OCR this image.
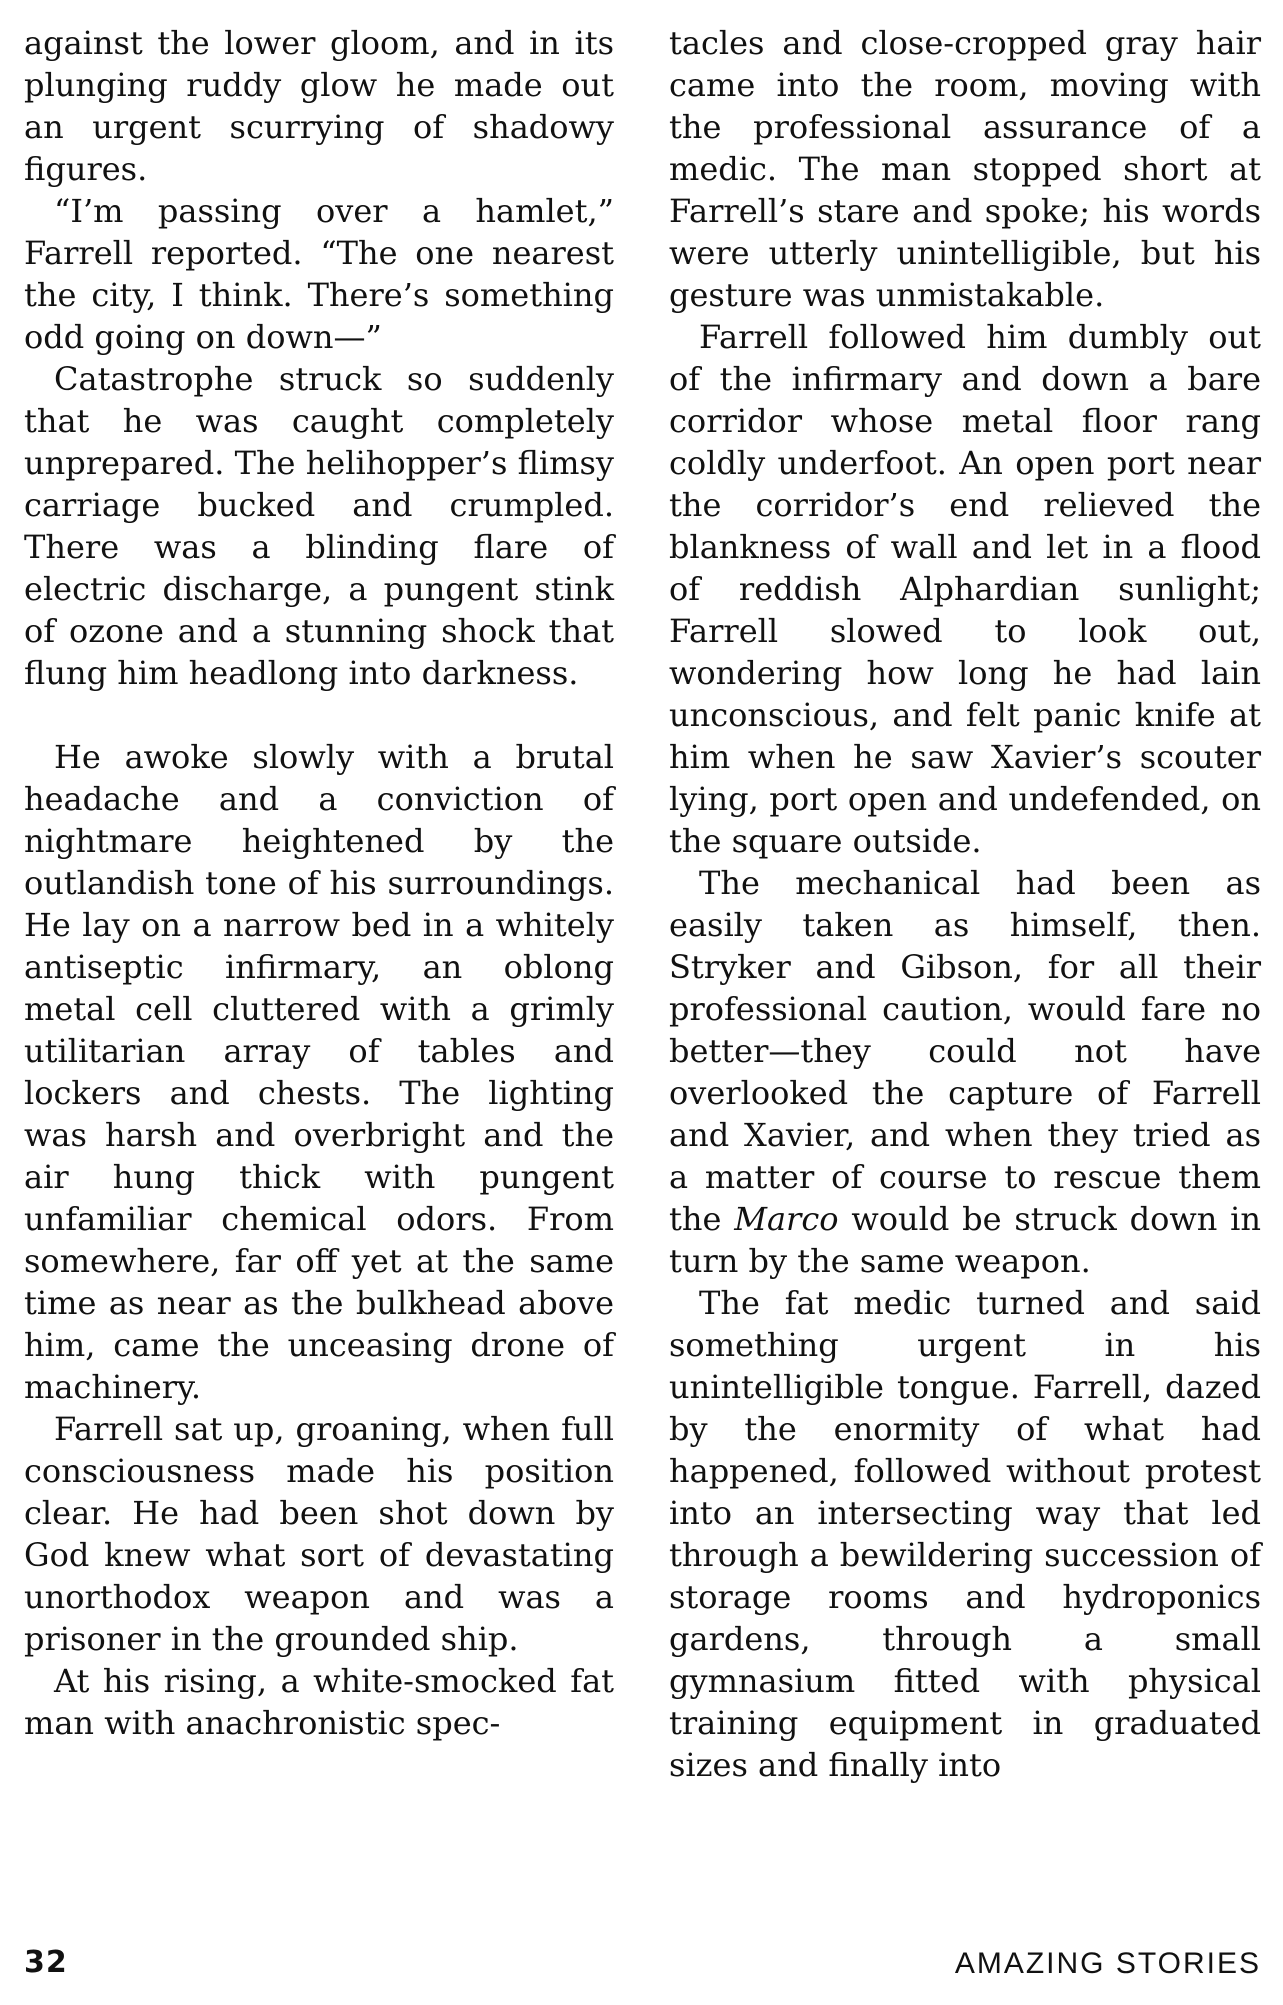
against the lower gloom, and in its plunging ruddy glow he made out an urgent scurrying of shadowy figures.

“I’m passing over a hamlet,” Farrell reported. “The one nearest the city, I think. There’s something odd going on down—”

Catastrophe struck so suddenly that he was caught completely unprepared. The helihopper’s flimsy carriage bucked and crumpled. There was a blinding flare of electric discharge, a pungent stink of ozone and a stunning shock that flung him headlong into darkness.

He awoke slowly with a brutal headache and a conviction of nightmare heightened by the outlandish tone of his surroundings. He lay on a narrow bed in a whitely antiseptic infirmary, an oblong metal cell cluttered with a grimly utilitarian array of tables and lockers and chests. The lighting was harsh and overbright and the air hung thick with pungent unfamiliar chemical odors. From somewhere, far off yet at the same time as near as the bulkhead above him, came the unceasing drone of machinery.

Farrell sat up, groaning, when full consciousness made his position clear. He had been shot down by God knew what sort of devastating unorthodox weapon and was a prisoner in the grounded ship.

At his rising, a white-smocked fat man with anachronistic spec-

tacles and close-cropped gray hair came into the room, moving with the professional assurance of a medic. The man stopped short at Farrell’s stare and spoke; his words were utterly unintelligible, but his gesture was unmistakable.

Farrell followed him dumbly out of the infirmary and down a bare corridor whose metal floor rang coldly underfoot. An open port near the corridor’s end relieved the blankness of wall and let in a flood of reddish Alphardian sunlight; Farrell slowed to look out, wondering how long he had lain unconscious, and felt panic knife at him when he saw Xavier’s scouter lying, port open and undefended, on the square outside.

The mechanical had been as easily taken as himself, then. Stryker and Gibson, for all their professional caution, would fare no better—they could not have overlooked the capture of Farrell and Xavier, and when they tried as a matter of course to rescue them the Marco would be struck down in turn by the same weapon.

The fat medic turned and said something urgent in his unintelligible tongue. Farrell, dazed by the enormity of what had happened, followed without protest into an intersecting way that led through a bewildering succession of storage rooms and hydroponics gardens, through a small gymnasium fitted with physical training equipment in graduated sizes and finally into

32	AMAZING STORIES
